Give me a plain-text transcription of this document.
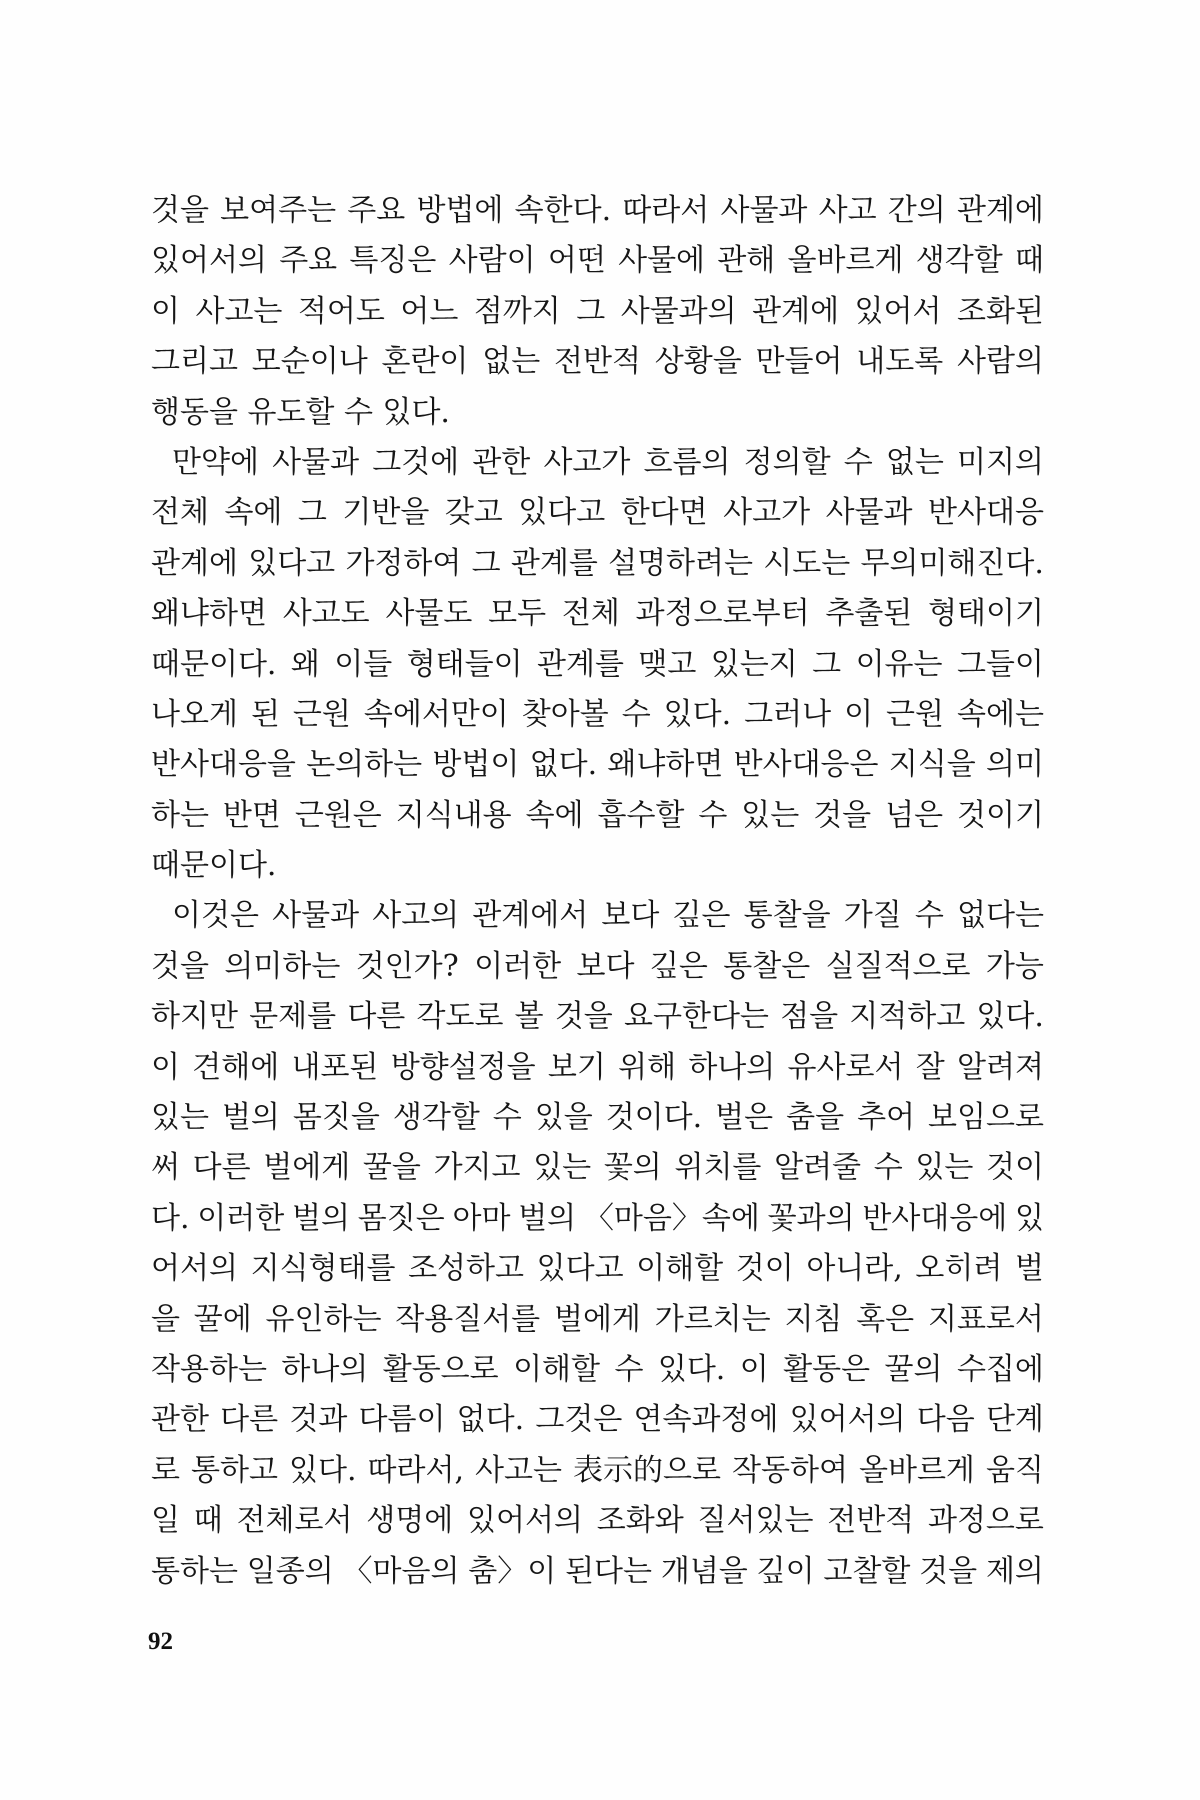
것을 보여주는 주요 방법에 속한다. 따라서 사물과 사고 간의 관계에
있어서의 주요 특징은 사람이 어떤 사물에 관해 올바르게 생각할 때
이 사고는 적어도 어느 점까지 그 사물과의 관계에 있어서 조화된
그리고 모순이나 혼란이 없는 전반적 상황을 만들어 내도록 사람의
행동을 유도할 수 있다.
만약에 사물과 그것에 관한 사고가 흐름의 정의할 수 없는 미지의
전체 속에 그 기반을 갖고 있다고 한다면 사고가 사물과 반사대응
관계에 있다고 가정하여 그 관계를 설명하려는 시도는 무의미해진다.
왜냐하면 사고도 사물도 모두 전체 과정으로부터 추출된 형태이기
때문이다. 왜 이들 형태들이 관계를 맺고 있는지 그 이유는 그들이
나오게 된 근원 속에서만이 찾아볼 수 있다. 그러나 이 근원 속에는
반사대응을 논의하는 방법이 없다. 왜냐하면 반사대응은 지식을 의미
하는 반면 근원은 지식내용 속에 흡수할 수 있는 것을 넘은 것이기
때문이다.
이것은 사물과 사고의 관계에서 보다 깊은 통찰을 가질 수 없다는
것을 의미하는 것인가? 이러한 보다 깊은 통찰은 실질적으로 가능
하지만 문제를 다른 각도로 볼 것을 요구한다는 점을 지적하고 있다.
이 견해에 내포된 방향설정을 보기 위해 하나의 유사로서 잘 알려져
있는 벌의 몸짓을 생각할 수 있을 것이다. 벌은 춤을 추어 보임으로
써 다른 벌에게 꿀을 가지고 있는 꽃의 위치를 알려줄 수 있는 것이
다. 이러한 벌의 몸짓은 아마 벌의 〈마음〉속에 꽃과의 반사대응에 있
어서의 지식형태를 조성하고 있다고 이해할 것이 아니라, 오히려 벌
을 꿀에 유인하는 작용질서를 벌에게 가르치는 지침 혹은 지표로서
작용하는 하나의 활동으로 이해할 수 있다. 이 활동은 꿀의 수집에
관한 다른 것과 다름이 없다. 그것은 연속과정에 있어서의 다음 단계
로 통하고 있다. 따라서, 사고는 表示的으로 작동하여 올바르게 움직
일 때 전체로서 생명에 있어서의 조화와 질서있는 전반적 과정으로
통하는 일종의 〈마음의 춤〉이 된다는 개념을 깊이 고찰할 것을 제의
92
